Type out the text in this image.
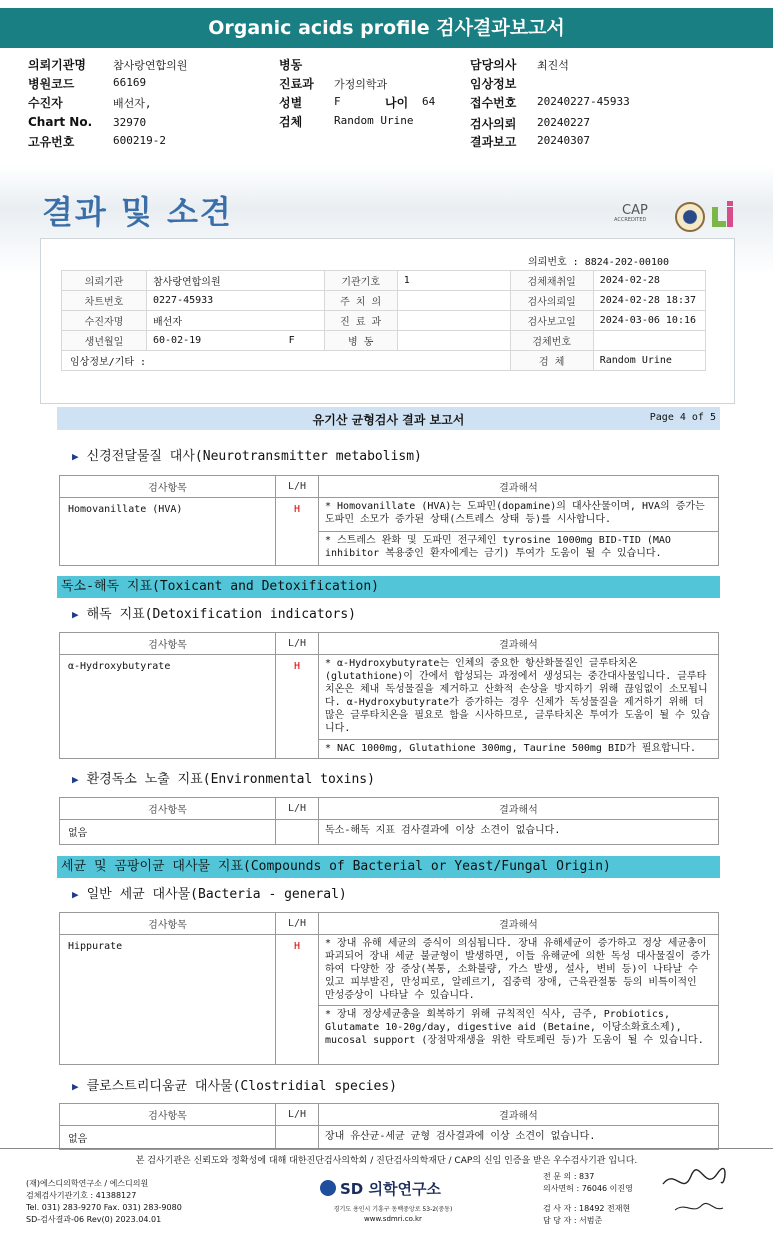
Organic acids profile 검사결과보고서
의뢰기관명 참사랑연합의원
병원코드	66169
수진자	배선자,
Chart No. 32970
고유번호	600219-2
병동
진료과 가정의학과
성별	F	나이 64
검체	Random Urine
담당의사 최진석
임상정보
접수번호 20240227-45933
검사의뢰 20240227
결과보고 20240307
결과 및 소견	CAP
ACCREDITED
의뢰번호 : 8824-202-00100
의뢰기관	참사랑연합의원		기관기호	1	검체채취일	2024-02-28
차트번호	0227-45933		주 치 의		검사의뢰일	2024-02-28 18:37
수진자명	배선자		진 료 과		검사보고일	2024-03-06 10:16
생년월일	60-02-19	F	병 동		검체번호	
임상정보/기타 :					검 체	Random Urine
유기산 균형검사 결과 보고서	Page 4 of 5
▶ 신경전달물질 대사(Neurotransmitter metabolism)
검사항목	L/H	결과해석
Homovanillate (HVA)	H	* Homovanillate (HVA)는 도파민(dopamine)의 대사산물이며, HVA의 증가는 도파민 소모가 증가된 상태(스트레스 상태 등)를 시사합니다.
		* 스트레스 완화 및 도파민 전구체인 tyrosine 1000mg BID-TID (MAO inhibitor 복용중인 환자에게는 금기) 투여가 도움이 될 수 있습니다.
독소-해독 지표(Toxicant and Detoxification)
▶ 해독 지표(Detoxification indicators)
검사항목	L/H	결과해석
α-Hydroxybutyrate	H	* α-Hydroxybutyrate는 인체의 중요한 항산화물질인 글루타치온(glutathione)이 간에서 합성되는 과정에서 생성되는 중간대사물입니다. 글루타치온은 체내 독성물질을 제거하고 산화적 손상을 방지하기 위해 끊임없이 소모됩니다. α-Hydroxybutyrate가 증가하는 경우 신체가 독성물질을 제거하기 위해 더 많은 글루타치온을 필요로 함을 시사하므로, 글루타치온 투여가 도움이 될 수 있습니다.
		* NAC 1000mg, Glutathione 300mg, Taurine 500mg BID가 필요합니다.
▶ 환경독소 노출 지표(Environmental toxins)
검사항목	L/H	결과해석
없음		독소-해독 지표 검사결과에 이상 소견이 없습니다.
세균 및 곰팡이균 대사물 지표(Compounds of Bacterial or Yeast/Fungal Origin)
▶ 일반 세균 대사물(Bacteria - general)
검사항목	L/H	결과해석
Hippurate	H	* 장내 유해 세균의 증식이 의심됩니다. 장내 유해세균이 증가하고 정상 세균총이 파괴되어 장내 세균 불균형이 발생하면, 이들 유해균에 의한 독성 대사물질이 증가하여 다양한 장 증상(복통, 소화불량, 가스 발생, 설사, 변비 등)이 나타날 수 있고 피부발진, 만성피로, 알레르기, 집중력 장애, 근육관절통 등의 비특이적인 만성증상이 나타날 수 있습니다.
		* 장내 정상세균총을 회복하기 위해 규칙적인 식사, 금주, Probiotics, Glutamate 10-20g/day, digestive aid (Betaine, 이당소화효소제), mucosal support (장점막재생을 위한 락토페린 등)가 도움이 될 수 있습니다.
▶ 클로스트리디움균 대사물(Clostridial species)
검사항목	L/H	결과해석
없음		장내 유산균-세균 균형 검사결과에 이상 소견이 없습니다.
본 검사기관은 신뢰도와 정확성에 대해 대한진단검사의학회 / 진단검사의학재단 / CAP의 신임 인증을 받은 우수검사기관 입니다.
(재)에스디의학연구소 / 에스디의원
검체검사기관기호 : 41388127
Tel. 031) 283-9270 Fax. 031) 283-9080
SD-검사결과-06 Rev(0) 2023.04.01
SD 의학연구소
경기도 용인시 기흥구 동백중앙로 53-2(중동)
www.sdmri.co.kr
전 문 의 : 837
의사면허 : 76046 이진영
검 사 자 : 18492 전재현
담 당 자 : 서범준
